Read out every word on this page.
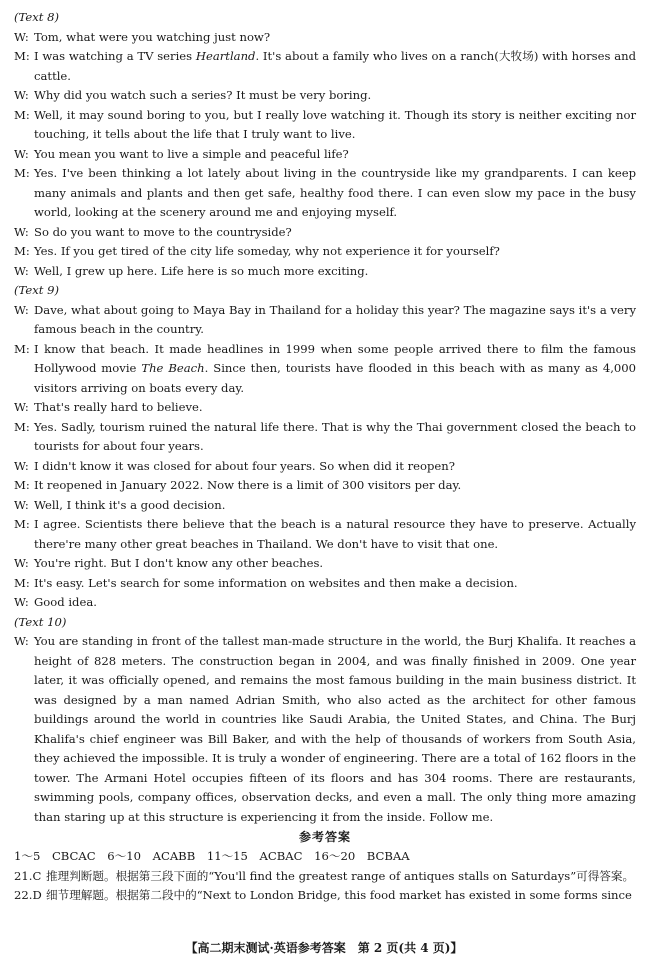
(Text 8)
W: Tom, what were you watching just now?
M: I was watching a TV series Heartland. It's about a family who lives on a ranch(大牧场) with horses and cattle.
W: Why did you watch such a series? It must be very boring.
M: Well, it may sound boring to you, but I really love watching it. Though its story is neither exciting nor touching, it tells about the life that I truly want to live.
W: You mean you want to live a simple and peaceful life?
M: Yes. I've been thinking a lot lately about living in the countryside like my grandparents. I can keep many animals and plants and then get safe, healthy food there. I can even slow my pace in the busy world, looking at the scenery around me and enjoying myself.
W: So do you want to move to the countryside?
M: Yes. If you get tired of the city life someday, why not experience it for yourself?
W: Well, I grew up here. Life here is so much more exciting.
(Text 9)
W: Dave, what about going to Maya Bay in Thailand for a holiday this year? The magazine says it's a very famous beach in the country.
M: I know that beach. It made headlines in 1999 when some people arrived there to film the famous Hollywood movie The Beach. Since then, tourists have flooded in this beach with as many as 4,000 visitors arriving on boats every day.
W: That's really hard to believe.
M: Yes. Sadly, tourism ruined the natural life there. That is why the Thai government closed the beach to tourists for about four years.
W: I didn't know it was closed for about four years. So when did it reopen?
M: It reopened in January 2022. Now there is a limit of 300 visitors per day.
W: Well, I think it's a good decision.
M: I agree. Scientists there believe that the beach is a natural resource they have to preserve. Actually there're many other great beaches in Thailand. We don't have to visit that one.
W: You're right. But I don't know any other beaches.
M: It's easy. Let's search for some information on websites and then make a decision.
W: Good idea.
(Text 10)
W: You are standing in front of the tallest man-made structure in the world, the Burj Khalifa. It reaches a height of 828 meters. The construction began in 2004, and was finally finished in 2009. One year later, it was officially opened, and remains the most famous building in the main business district. It was designed by a man named Adrian Smith, who also acted as the architect for other famous buildings around the world in countries like Saudi Arabia, the United States, and China. The Burj Khalifa's chief engineer was Bill Baker, and with the help of thousands of workers from South Asia, they achieved the impossible. It is truly a wonder of engineering. There are a total of 162 floors in the tower. The Armani Hotel occupies fifteen of its floors and has 304 rooms. There are restaurants, swimming pools, company offices, observation decks, and even a mall. The only thing more amazing than staring up at this structure is experiencing it from the inside. Follow me.
参考答案
1～5　CBCAC　6～10　ACABB　11～15　ACBAC　16～20　BCBAA
21.C 推理判断题。根据第三段下面的“You'll find the greatest range of antiques stalls on Saturdays”可得答案。
22.D 细节理解题。根据第二段中的“Next to London Bridge, this food market has existed in some forms since
【高二期末测试·英语参考答案　第 2 页(共 4 页)】
